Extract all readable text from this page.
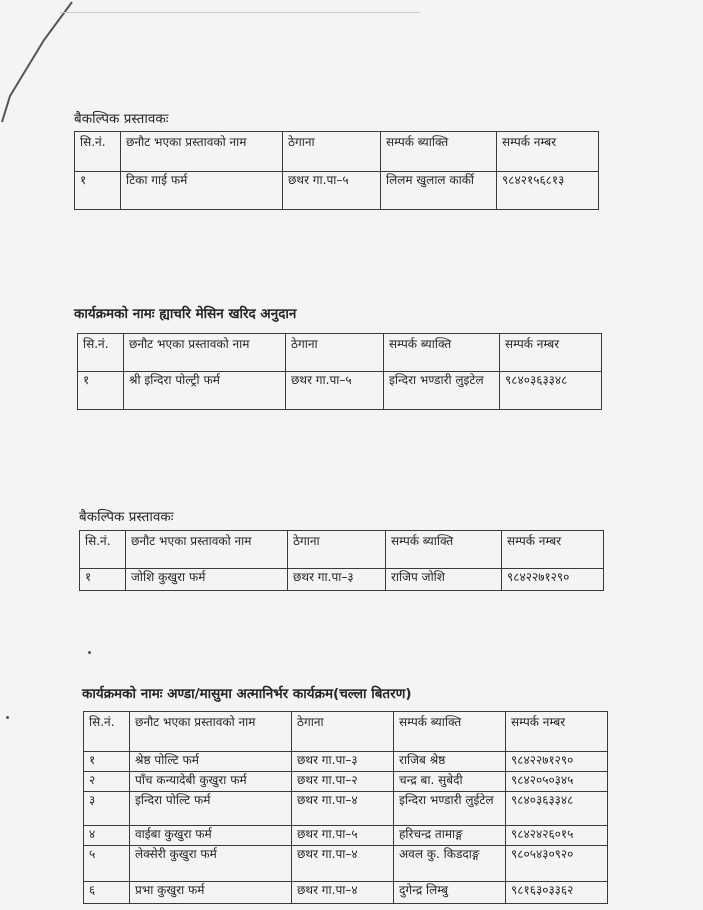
बैकल्पिक प्रस्तावकः
सि.नं.	छनौट भएका प्रस्तावको नाम	ठेगाना	सम्पर्क ब्याक्ति	सम्पर्क नम्बर
१	टिका गाई फर्म	छथर गा.पा–५	लिलम खुलाल कार्की	९८४२१५६८१३
कार्यक्रमको नामः ह्याचरि मेसिन खरिद अनुदान
सि.नं.	छनौट भएका प्रस्तावको नाम	ठेगाना	सम्पर्क ब्याक्ति	सम्पर्क नम्बर
१	श्री इन्दिरा पोल्ट्री फर्म	छथर गा.पा–५	इन्दिरा भण्डारी लुइटेल	९८४०३६३३४८
बैकल्पिक प्रस्तावकः
सि.नं.	छनौट भएका प्रस्तावको नाम	ठेगाना	सम्पर्क ब्याक्ति	सम्पर्क नम्बर
१	जोशि कुखुरा फर्म	छथर गा.पा–३	राजिप जोशि	९८४२२७१२९०
कार्यक्रमको नामः अण्डा/मासुमा अत्मानिर्भर कार्यक्रम(चल्ला बितरण)
सि.नं.	छनौट भएका प्रस्तावको नाम	ठेगाना	सम्पर्क ब्याक्ति	सम्पर्क नम्बर
१	श्रेष्ठ पोल्टि फर्म	छथर गा.पा–३	राजिब श्रेष्ठ	९८४२२७१२९०
२	पाँच कन्यादेबी कुखुरा फर्म	छथर गा.पा–२	चन्द्र बा. सुबेदी	९८४२०५०३४५
३	इन्दिरा पोल्टि फर्म	छथर गा.पा–४	इन्दिरा भण्डारी लुईटेल	९८४०३६३३४८
४	वाईबा कुखुरा फर्म	छथर गा.पा–५	हरिचन्द्र तामाङ्ग	९८४२४२६०१५
५	लेक्सेरी कुखुरा फर्म	छथर गा.पा–४	अवल कु. किडदाङ्ग	९८०५४३०९२०
६	प्रभा कुखुरा फर्म	छथर गा.पा–४	दुगेन्द्र लिम्बु	९८१६३०३३६२
